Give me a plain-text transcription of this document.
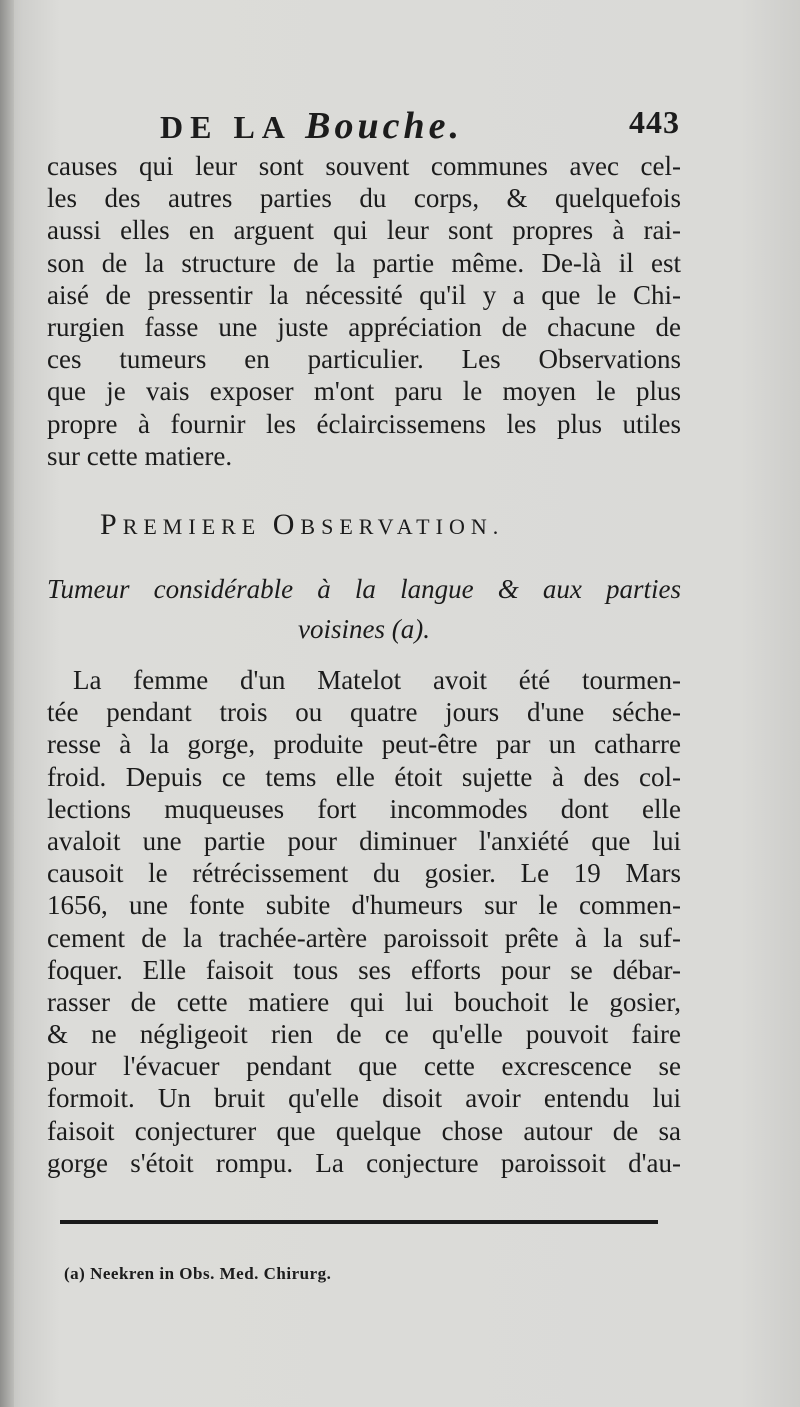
DE LA Bouche.	443
causes qui leur sont souvent communes avec cel-
les des autres parties du corps, & quelquefois
aussi elles en arguent qui leur sont propres à rai-
son de la structure de la partie même. De-là il est
aisé de pressentir la nécessité qu'il y a que le Chi-
rurgien fasse une juste appréciation de chacune de
ces tumeurs en particulier. Les Observations
que je vais exposer m'ont paru le moyen le plus
propre à fournir les éclaircissemens les plus utiles
sur cette matiere.
PREMIERE OBSERVATION.
Tumeur considérable à la langue & aux parties
voisines (a).
La femme d'un Matelot avoit été tourmen-
tée pendant trois ou quatre jours d'une séche-
resse à la gorge, produite peut-être par un catharre
froid. Depuis ce tems elle étoit sujette à des col-
lections muqueuses fort incommodes dont elle
avaloit une partie pour diminuer l'anxiété que lui
causoit le rétrécissement du gosier. Le 19 Mars
1656, une fonte subite d'humeurs sur le commen-
cement de la trachée-artère paroissoit prête à la suf-
foquer. Elle faisoit tous ses efforts pour se débar-
rasser de cette matiere qui lui bouchoit le gosier,
& ne négligeoit rien de ce qu'elle pouvoit faire
pour l'évacuer pendant que cette excrescence se
formoit. Un bruit qu'elle disoit avoir entendu lui
faisoit conjecturer que quelque chose autour de sa
gorge s'étoit rompu. La conjecture paroissoit d'au-
(a) Neekren in Obs. Med. Chirurg.
